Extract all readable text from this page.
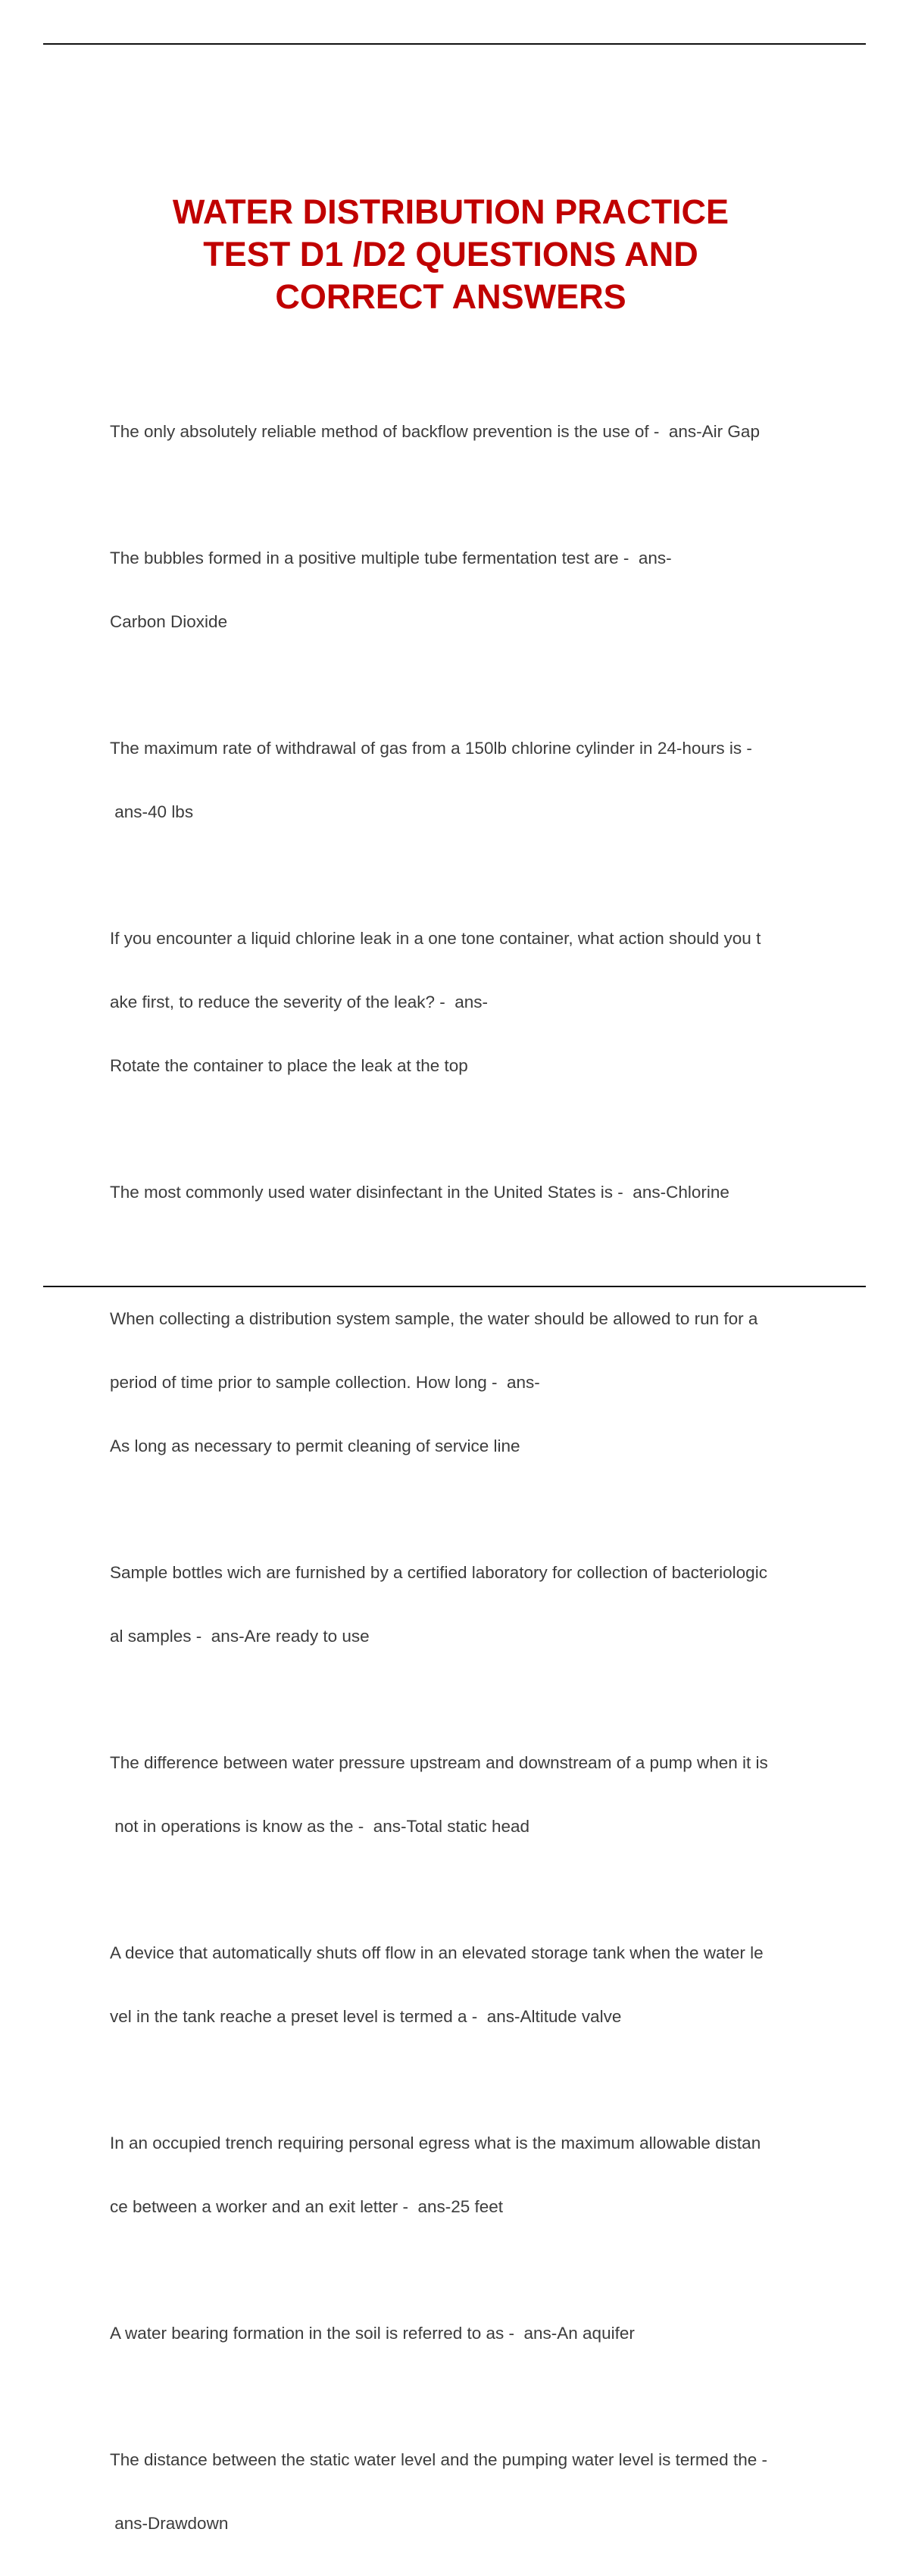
WATER DISTRIBUTION PRACTICE
TEST D1 /D2 QUESTIONS AND
CORRECT ANSWERS

The only absolutely reliable method of backflow prevention is the use of -  ans-Air Gap

The bubbles formed in a positive multiple tube fermentation test are -  ans-

Carbon Dioxide

The maximum rate of withdrawal of gas from a 150lb chlorine cylinder in 24-hours is -

ans-40 lbs

If you encounter a liquid chlorine leak in a one tone container, what action should you t

ake first, to reduce the severity of the leak? -  ans-

Rotate the container to place the leak at the top

The most commonly used water disinfectant in the United States is -  ans-Chlorine

When collecting a distribution system sample, the water should be allowed to run for a

period of time prior to sample collection. How long -  ans-

As long as necessary to permit cleaning of service line

Sample bottles wich are furnished by a certified laboratory for collection of bacteriologic

al samples -  ans-Are ready to use

The difference between water pressure upstream and downstream of a pump when it is

not in operations is know as the -  ans-Total static head

A device that automatically shuts off flow in an elevated storage tank when the water le

vel in the tank reache a preset level is termed a -  ans-Altitude valve

In an occupied trench requiring personal egress what is the maximum allowable distan

ce between a worker and an exit letter -  ans-25 feet

A water bearing formation in the soil is referred to as -  ans-An aquifer

The distance between the static water level and the pumping water level is termed the -

ans-Drawdown
